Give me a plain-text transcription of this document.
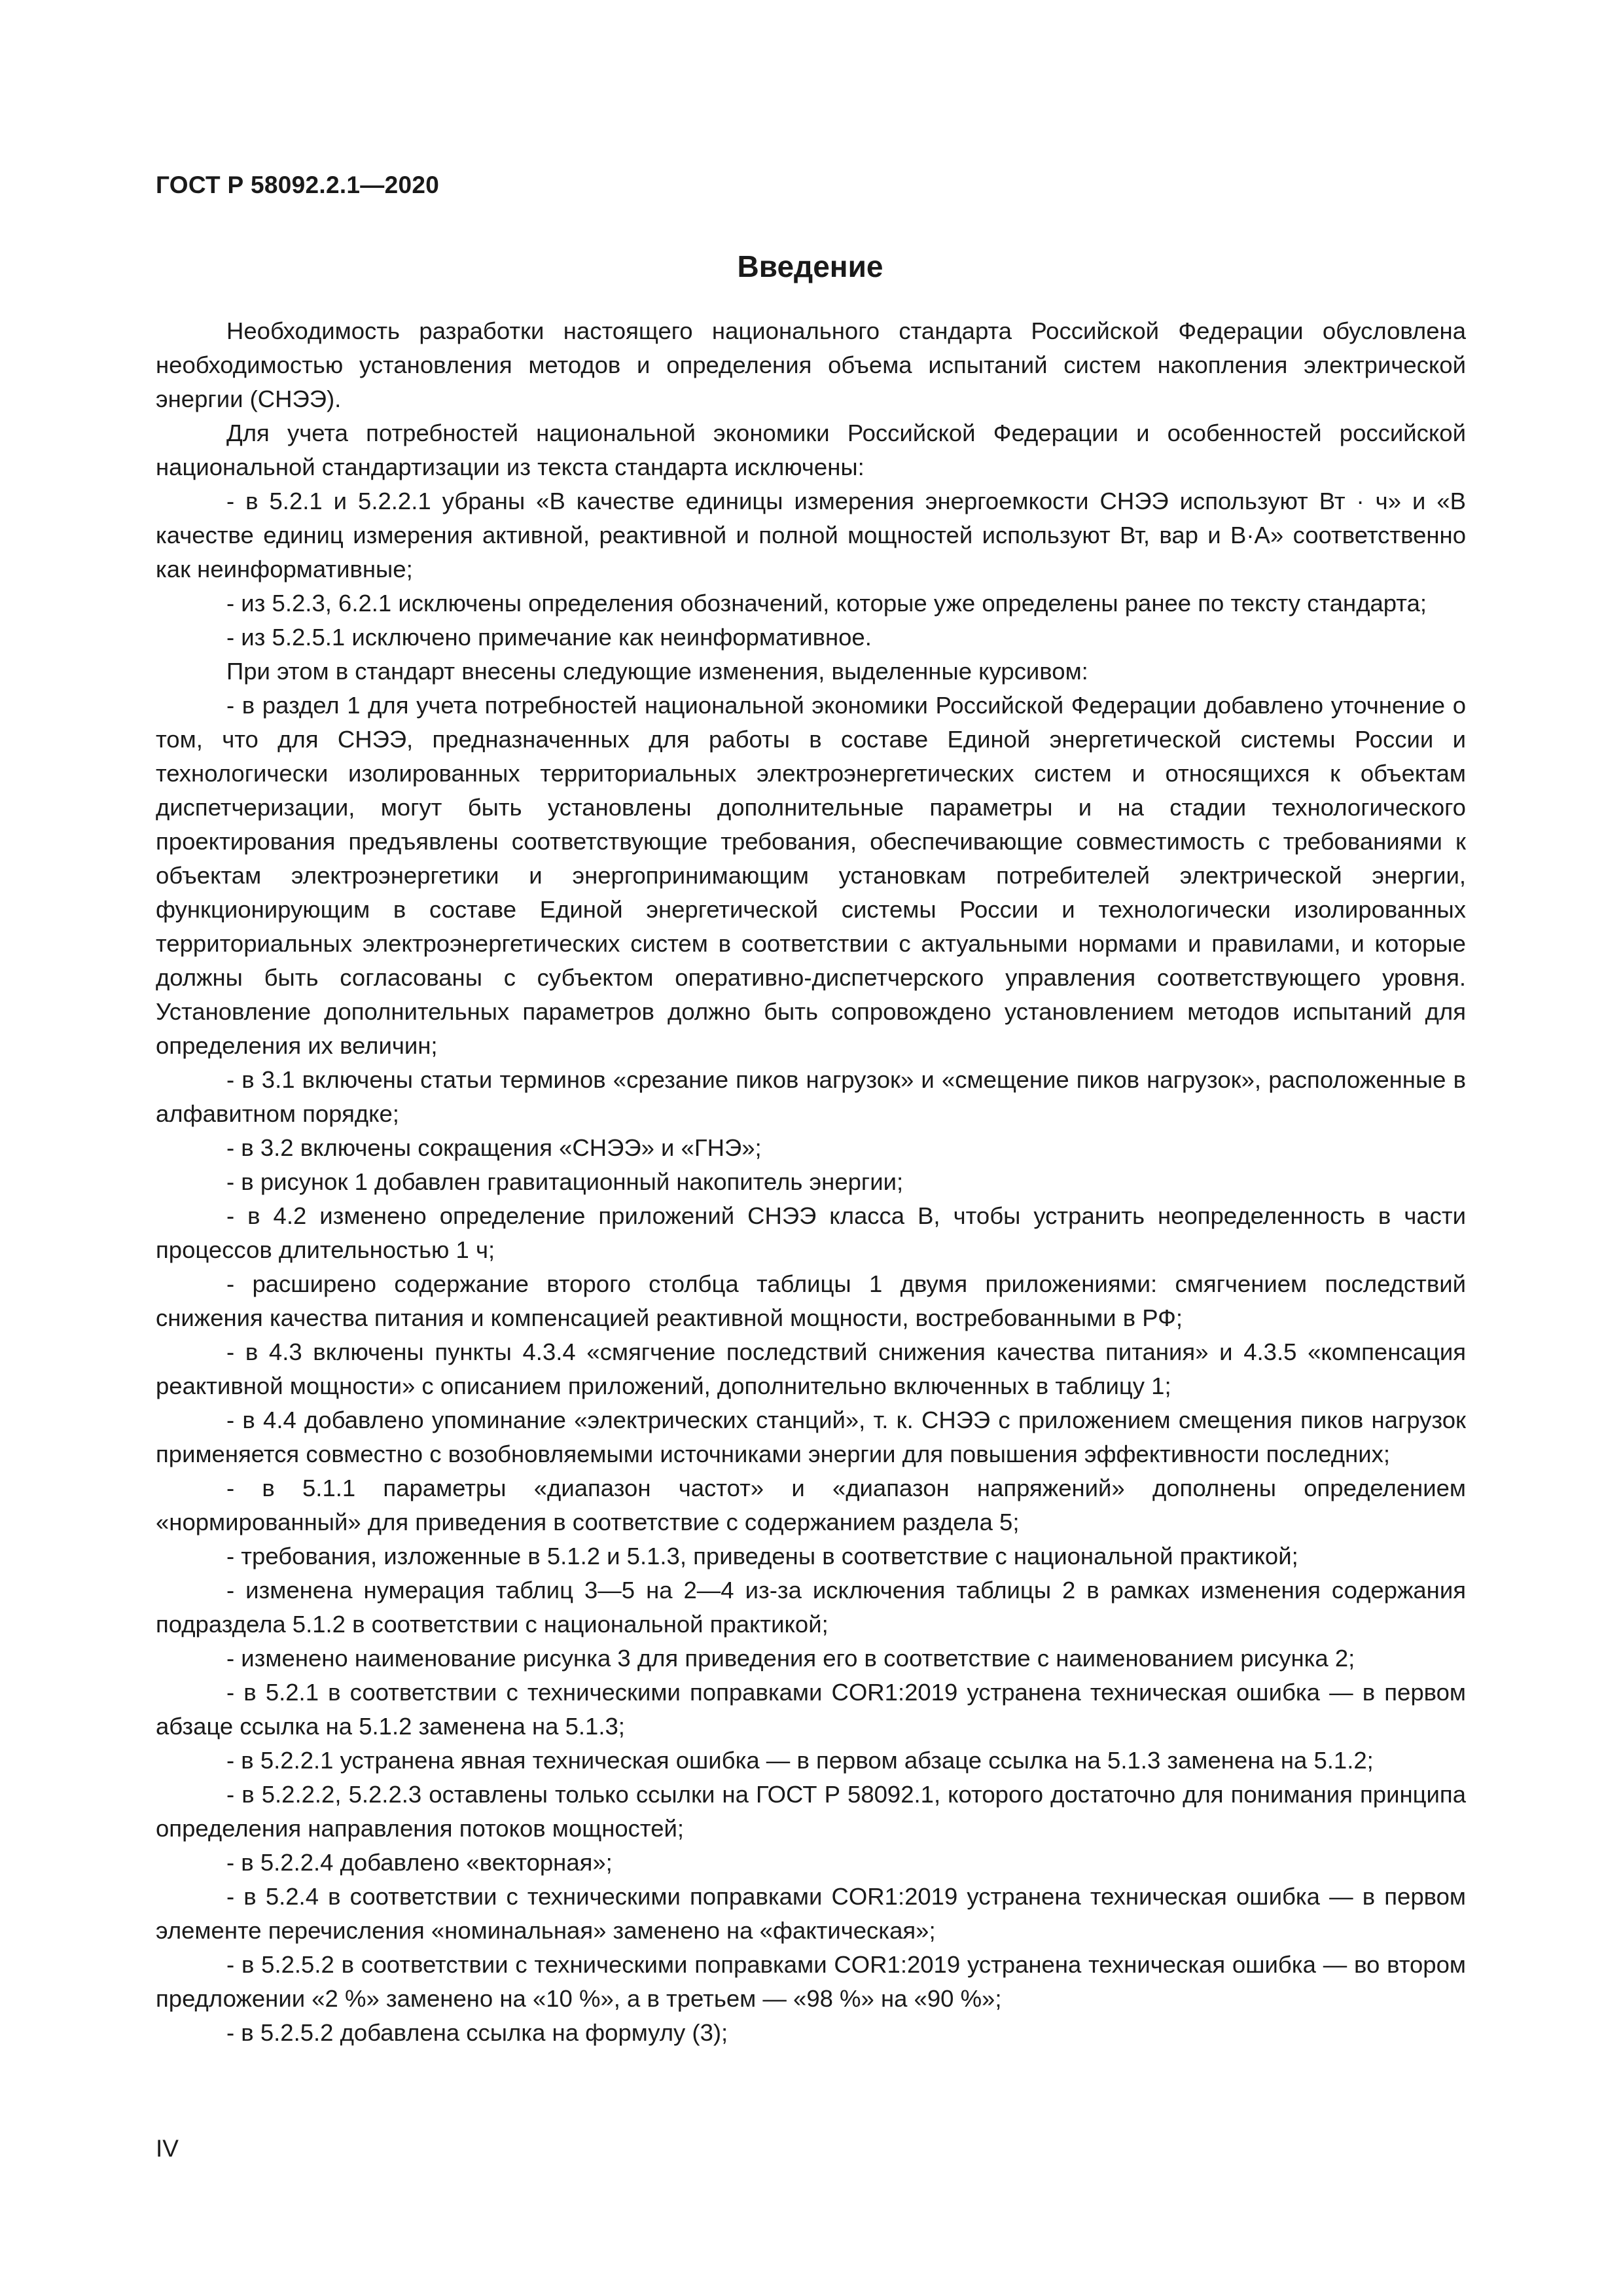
ГОСТ Р 58092.2.1—2020
Введение

Необходимость разработки настоящего национального стандарта Российской Федерации обусловлена необходимостью установления методов и определения объема испытаний систем накопления электрической энергии (СНЭЭ).

Для учета потребностей национальной экономики Российской Федерации и особенностей российской национальной стандартизации из текста стандарта исключены:

- в 5.2.1 и 5.2.2.1 убраны «В качестве единицы измерения энергоемкости СНЭЭ используют Вт · ч» и «В качестве единиц измерения активной, реактивной и полной мощностей используют Вт, вар и В·А» соответственно как неинформативные;

- из 5.2.3, 6.2.1 исключены определения обозначений, которые уже определены ранее по тексту стандарта;

- из 5.2.5.1 исключено примечание как неинформативное.

При этом в стандарт внесены следующие изменения, выделенные курсивом:

- в раздел 1 для учета потребностей национальной экономики Российской Федерации добавлено уточнение о том, что для СНЭЭ, предназначенных для работы в составе Единой энергетической системы России и технологически изолированных территориальных электроэнергетических систем и относящихся к объектам диспетчеризации, могут быть установлены дополнительные параметры и на стадии технологического проектирования предъявлены соответствующие требования, обеспечивающие совместимость с требованиями к объектам электроэнергетики и энергопринимающим установкам потребителей электрической энергии, функционирующим в составе Единой энергетической системы России и технологически изолированных территориальных электроэнергетических систем в соответствии с актуальными нормами и правилами, и которые должны быть согласованы с субъектом оперативно-диспетчерского управления соответствующего уровня. Установление дополнительных параметров должно быть сопровождено установлением методов испытаний для определения их величин;

- в 3.1 включены статьи терминов «срезание пиков нагрузок» и «смещение пиков нагрузок», расположенные в алфавитном порядке;

- в 3.2 включены сокращения «СНЭЭ» и «ГНЭ»;

- в рисунок 1 добавлен гравитационный накопитель энергии;

- в 4.2 изменено определение приложений СНЭЭ класса В, чтобы устранить неопределенность в части процессов длительностью 1 ч;

- расширено содержание второго столбца таблицы 1 двумя приложениями: смягчением последствий снижения качества питания и компенсацией реактивной мощности, востребованными в РФ;

- в 4.3 включены пункты 4.3.4 «смягчение последствий снижения качества питания» и 4.3.5 «компенсация реактивной мощности» с описанием приложений, дополнительно включенных в таблицу 1;

- в 4.4 добавлено упоминание «электрических станций», т. к. СНЭЭ с приложением смещения пиков нагрузок применяется совместно с возобновляемыми источниками энергии для повышения эффективности последних;

- в 5.1.1 параметры «диапазон частот» и «диапазон напряжений» дополнены определением «нормированный» для приведения в соответствие с содержанием раздела 5;

- требования, изложенные в 5.1.2 и 5.1.3, приведены в соответствие с национальной практикой;

- изменена нумерация таблиц 3—5 на 2—4 из-за исключения таблицы 2 в рамках изменения содержания подраздела 5.1.2 в соответствии с национальной практикой;

- изменено наименование рисунка 3 для приведения его в соответствие с наименованием рисунка 2;

- в 5.2.1 в соответствии с техническими поправками COR1:2019 устранена техническая ошибка — в первом абзаце ссылка на 5.1.2 заменена на 5.1.3;

- в 5.2.2.1 устранена явная техническая ошибка — в первом абзаце ссылка на 5.1.3 заменена на 5.1.2;

- в 5.2.2.2, 5.2.2.3 оставлены только ссылки на ГОСТ Р 58092.1, которого достаточно для понимания принципа определения направления потоков мощностей;

- в 5.2.2.4 добавлено «векторная»;

- в 5.2.4 в соответствии с техническими поправками COR1:2019 устранена техническая ошибка — в первом элементе перечисления «номинальная» заменено на «фактическая»;

- в 5.2.5.2 в соответствии с техническими поправками COR1:2019 устранена техническая ошибка — во втором предложении «2 %» заменено на «10 %», а в третьем — «98 %» на «90 %»;

- в 5.2.5.2 добавлена ссылка на формулу (3);

IV
